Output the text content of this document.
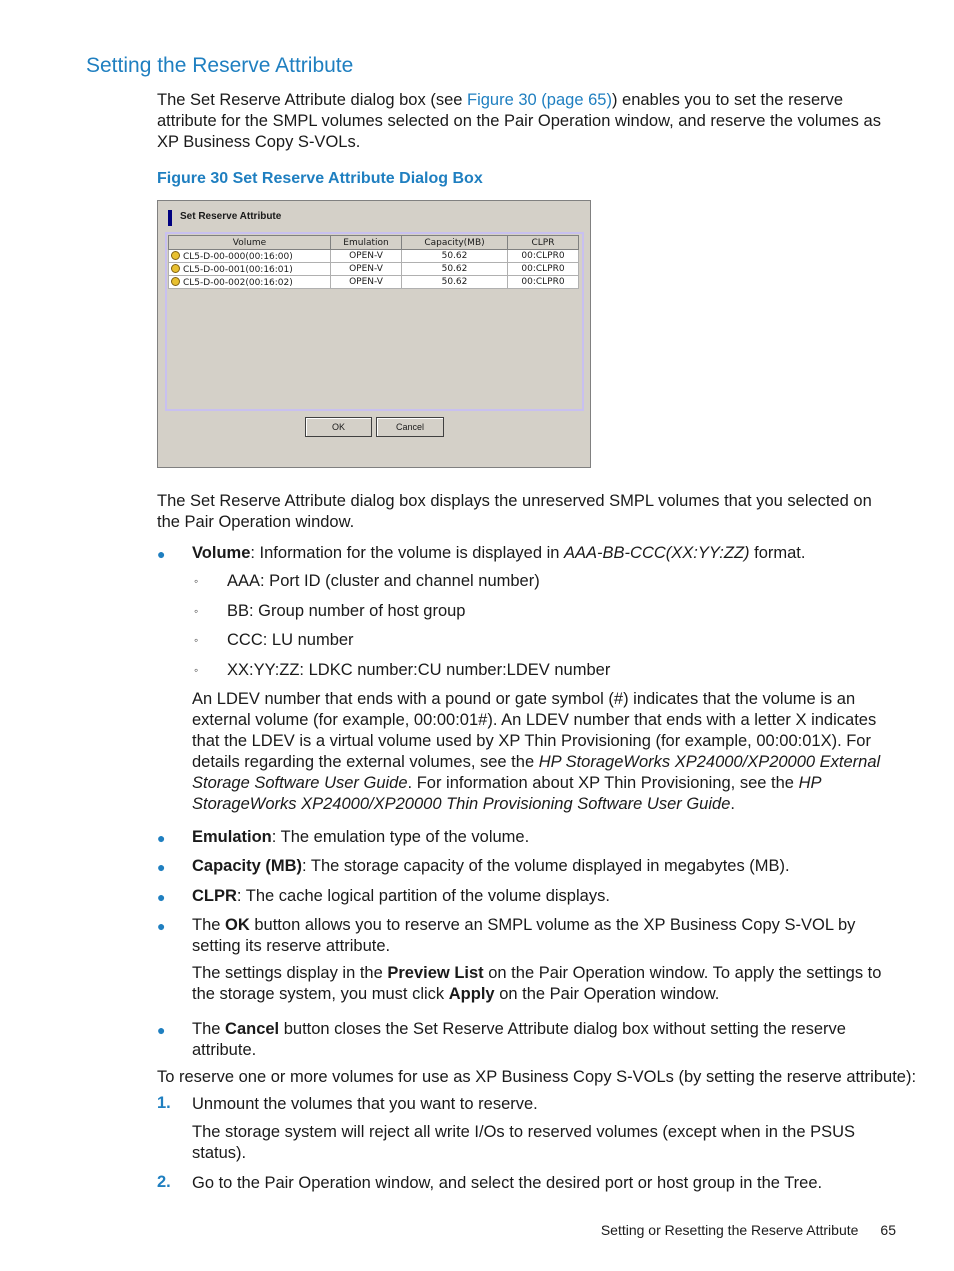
Setting the Reserve Attribute
The Set Reserve Attribute dialog box (see Figure 30 (page 65)) enables you to set the reserve attribute for the SMPL volumes selected on the Pair Operation window, and reserve the volumes as XP Business Copy S-VOLs.
Figure 30 Set Reserve Attribute Dialog Box
Set Reserve Attribute
Volume	Emulation	Capacity(MB)	CLPR
CL5-D-00-000(00:16:00)	OPEN-V	50.62	00:CLPR0
CL5-D-00-001(00:16:01)	OPEN-V	50.62	00:CLPR0
CL5-D-00-002(00:16:02)	OPEN-V	50.62	00:CLPR0
OK	Cancel
The Set Reserve Attribute dialog box displays the unreserved SMPL volumes that you selected on the Pair Operation window.
● Volume: Information for the volume is displayed in AAA-BB-CCC(XX:YY:ZZ) format.
◦ AAA: Port ID (cluster and channel number)
◦ BB: Group number of host group
◦ CCC: LU number
◦ XX:YY:ZZ: LDKC number:CU number:LDEV number
An LDEV number that ends with a pound or gate symbol (#) indicates that the volume is an external volume (for example, 00:00:01#). An LDEV number that ends with a letter X indicates that the LDEV is a virtual volume used by XP Thin Provisioning (for example, 00:00:01X). For details regarding the external volumes, see the HP StorageWorks XP24000/XP20000 External Storage Software User Guide. For information about XP Thin Provisioning, see the HP StorageWorks XP24000/XP20000 Thin Provisioning Software User Guide.
● Emulation: The emulation type of the volume.
● Capacity (MB): The storage capacity of the volume displayed in megabytes (MB).
● CLPR: The cache logical partition of the volume displays.
● The OK button allows you to reserve an SMPL volume as the XP Business Copy S-VOL by setting its reserve attribute.
The settings display in the Preview List on the Pair Operation window. To apply the settings to the storage system, you must click Apply on the Pair Operation window.
● The Cancel button closes the Set Reserve Attribute dialog box without setting the reserve attribute.
To reserve one or more volumes for use as XP Business Copy S-VOLs (by setting the reserve attribute):
1. Unmount the volumes that you want to reserve.
The storage system will reject all write I/Os to reserved volumes (except when in the PSUS status).
2. Go to the Pair Operation window, and select the desired port or host group in the Tree.
Setting or Resetting the Reserve Attribute 65
